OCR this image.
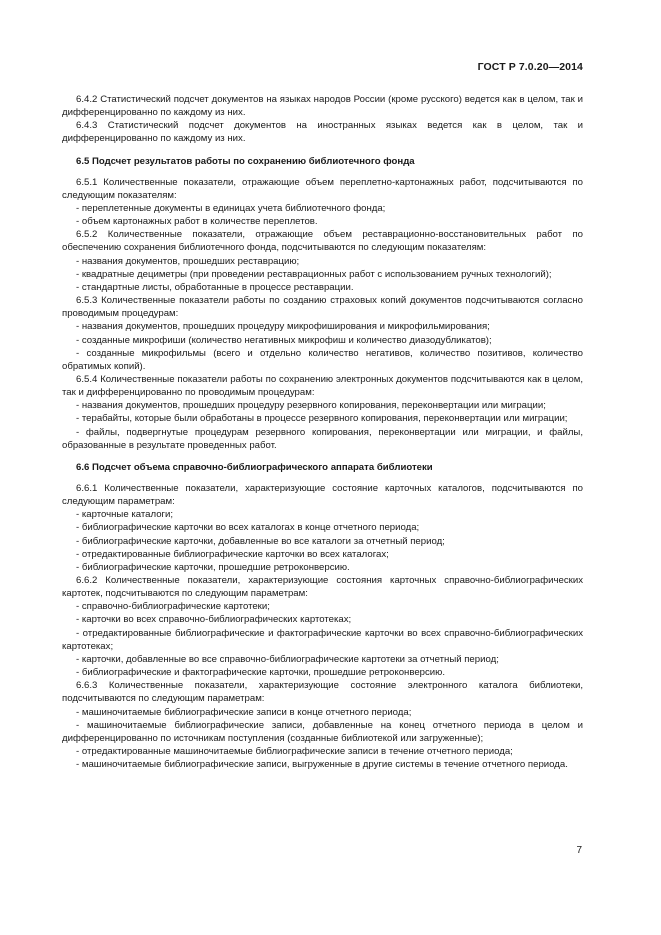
ГОСТ Р 7.0.20—2014

6.4.2 Статистический подсчет документов на языках народов России (кроме русского) ведется как в целом, так и дифференцированно по каждому из них.

6.4.3 Статистический подсчет документов на иностранных языках ведется как в целом, так и дифференцированно по каждому из них.

6.5 Подсчет результатов работы по сохранению библиотечного фонда

6.5.1 Количественные показатели, отражающие объем переплетно-картонажных работ, подсчитываются по следующим показателям:

- переплетенные документы в единицах учета библиотечного фонда;

- объем картонажных работ в количестве переплетов.

6.5.2 Количественные показатели, отражающие объем реставрационно-восстановительных работ по обеспечению сохранения библиотечного фонда, подсчитываются по следующим показателям:

- названия документов, прошедших реставрацию;

- квадратные дециметры (при проведении реставрационных работ с использованием ручных технологий);

- стандартные листы, обработанные в процессе реставрации.

6.5.3 Количественные показатели работы по созданию страховых копий документов подсчитываются согласно проводимым процедурам:

- названия документов, прошедших процедуру микрофиширования и микрофильмирования;

- созданные микрофиши (количество негативных микрофиш и количество диазодубликатов);

- созданные микрофильмы (всего и отдельно количество негативов, количество позитивов, количество обратимых копий).

6.5.4 Количественные показатели работы по сохранению электронных документов подсчитываются как в целом, так и дифференцированно по проводимым процедурам:

- названия документов, прошедших процедуру резервного копирования, переконвертации или миграции;

- терабайты, которые были обработаны в процессе резервного копирования, переконвертации или миграции;

- файлы, подвергнутые процедурам резервного копирования, переконвертации или миграции, и файлы, образованные в результате проведенных работ.

6.6 Подсчет объема справочно-библиографического аппарата библиотеки

6.6.1 Количественные показатели, характеризующие состояние карточных каталогов, подсчитываются по следующим параметрам:

- карточные каталоги;

- библиографические карточки во всех каталогах в конце отчетного периода;

- библиографические карточки, добавленные во все каталоги за отчетный период;

- отредактированные библиографические карточки во всех каталогах;

- библиографические карточки, прошедшие ретроконверсию.

6.6.2 Количественные показатели, характеризующие состояния карточных справочно-библиографических картотек, подсчитываются по следующим параметрам:

- справочно-библиографические картотеки;

- карточки во всех справочно-библиографических картотеках;

- отредактированные библиографические и фактографические карточки во всех справочно-библиографических картотеках;

- карточки, добавленные во все справочно-библиографические картотеки за отчетный период;

- библиографические и фактографические карточки, прошедшие ретроконверсию.

6.6.3 Количественные показатели, характеризующие состояние электронного каталога библиотеки, подсчитываются по следующим параметрам:

- машиночитаемые библиографические записи в конце отчетного периода;

- машиночитаемые библиографические записи, добавленные на конец отчетного периода в целом и дифференцированно по источникам поступления (созданные библиотекой или загруженные);

- отредактированные машиночитаемые библиографические записи в течение отчетного периода;

- машиночитаемые библиографические записи, выгруженные в другие системы в течение отчетного периода.

7
